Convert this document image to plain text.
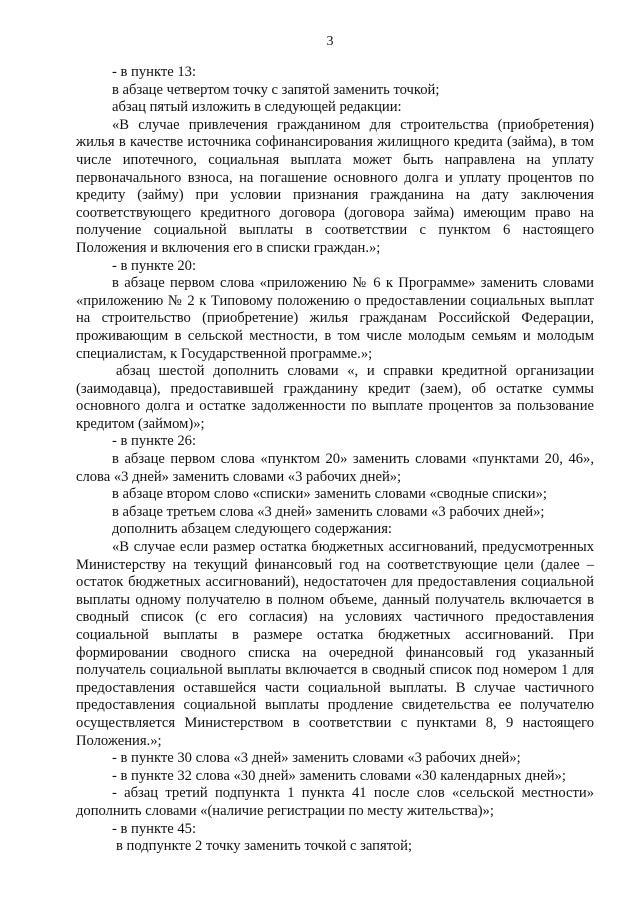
3

- в пункте 13:

в абзаце четвертом точку с запятой заменить точкой;

абзац пятый изложить в следующей редакции:

«В случае привлечения гражданином для строительства (приобретения) жилья в качестве источника софинансирования жилищного кредита (займа), в том числе ипотечного, социальная выплата может быть направлена на уплату первоначального взноса, на погашение основного долга и уплату процентов по кредиту (займу) при условии признания гражданина на дату заключения соответствующего кредитного договора (договора займа) имеющим право на получение социальной выплаты в соответствии с пунктом 6 настоящего Положения и включения его в списки граждан.»;

- в пункте 20:

в абзаце первом слова «приложению № 6 к Программе» заменить словами «приложению № 2 к Типовому положению о предоставлении социальных выплат на строительство (приобретение) жилья гражданам Российской Федерации, проживающим в сельской местности, в том числе молодым семьям и молодым специалистам, к Государственной программе.»;

абзац шестой дополнить словами «, и справки кредитной организации (заимодавца), предоставившей гражданину кредит (заем), об остатке суммы основного долга и остатке задолженности по выплате процентов за пользование кредитом (займом)»;

- в пункте 26:

в абзаце первом слова «пунктом 20» заменить словами «пунктами 20, 46», слова «3 дней» заменить словами «3 рабочих дней»;

в абзаце втором слово «списки» заменить словами «сводные списки»;

в абзаце третьем слова «3 дней» заменить словами «3 рабочих дней»;

дополнить абзацем следующего содержания:

«В случае если размер остатка бюджетных ассигнований, предусмотренных Министерству на текущий финансовый год на соответствующие цели (далее – остаток бюджетных ассигнований), недостаточен для предоставления социальной выплаты одному получателю в полном объеме, данный получатель включается в сводный список (с его согласия) на условиях частичного предоставления социальной выплаты в размере остатка бюджетных ассигнований. При формировании сводного списка на очередной финансовый год указанный получатель социальной выплаты включается в сводный список под номером 1 для предоставления оставшейся части социальной выплаты. В случае частичного предоставления социальной выплаты продление свидетельства ее получателю осуществляется Министерством в соответствии с пунктами 8, 9 настоящего Положения.»;

- в пункте 30 слова «3 дней» заменить словами «3 рабочих дней»;

- в пункте 32 слова «30 дней» заменить словами «30 календарных дней»;

- абзац третий подпункта 1 пункта 41 после слов «сельской местности» дополнить словами «(наличие регистрации по месту жительства)»;

- в пункте 45:

в подпункте 2 точку заменить точкой с запятой;
